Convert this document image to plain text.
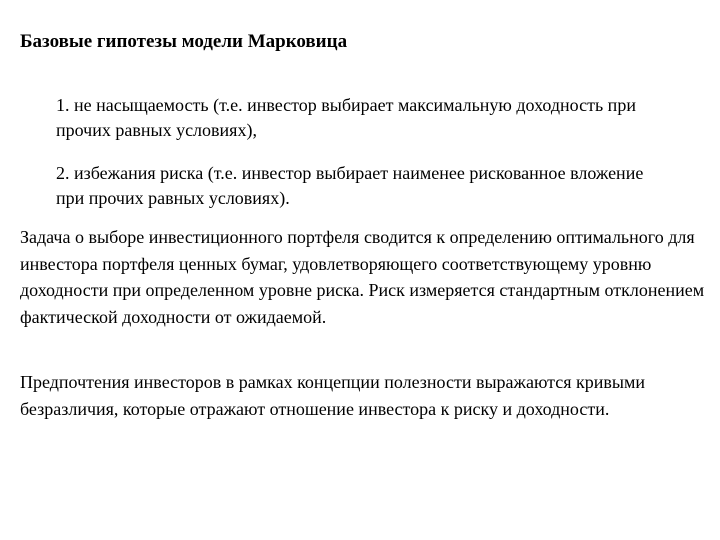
Базовые гипотезы модели Марковица

1. не насыщаемость (т.е. инвестор выбирает максимальную доходность при прочих равных условиях),

2. избежания риска (т.е. инвестор выбирает наименее рискованное вложение при прочих равных условиях).

Задача о выборе инвестиционного портфеля сводится к определению оптимального для инвестора портфеля ценных бумаг, удовлетворяющего соответствующему уровню доходности при определенном уровне риска. Риск измеряется стандартным отклонением фактической доходности от ожидаемой.

Предпочтения инвесторов в рамках концепции полезности выражаются кривыми безразличия, которые отражают отношение инвестора к риску и доходности.
